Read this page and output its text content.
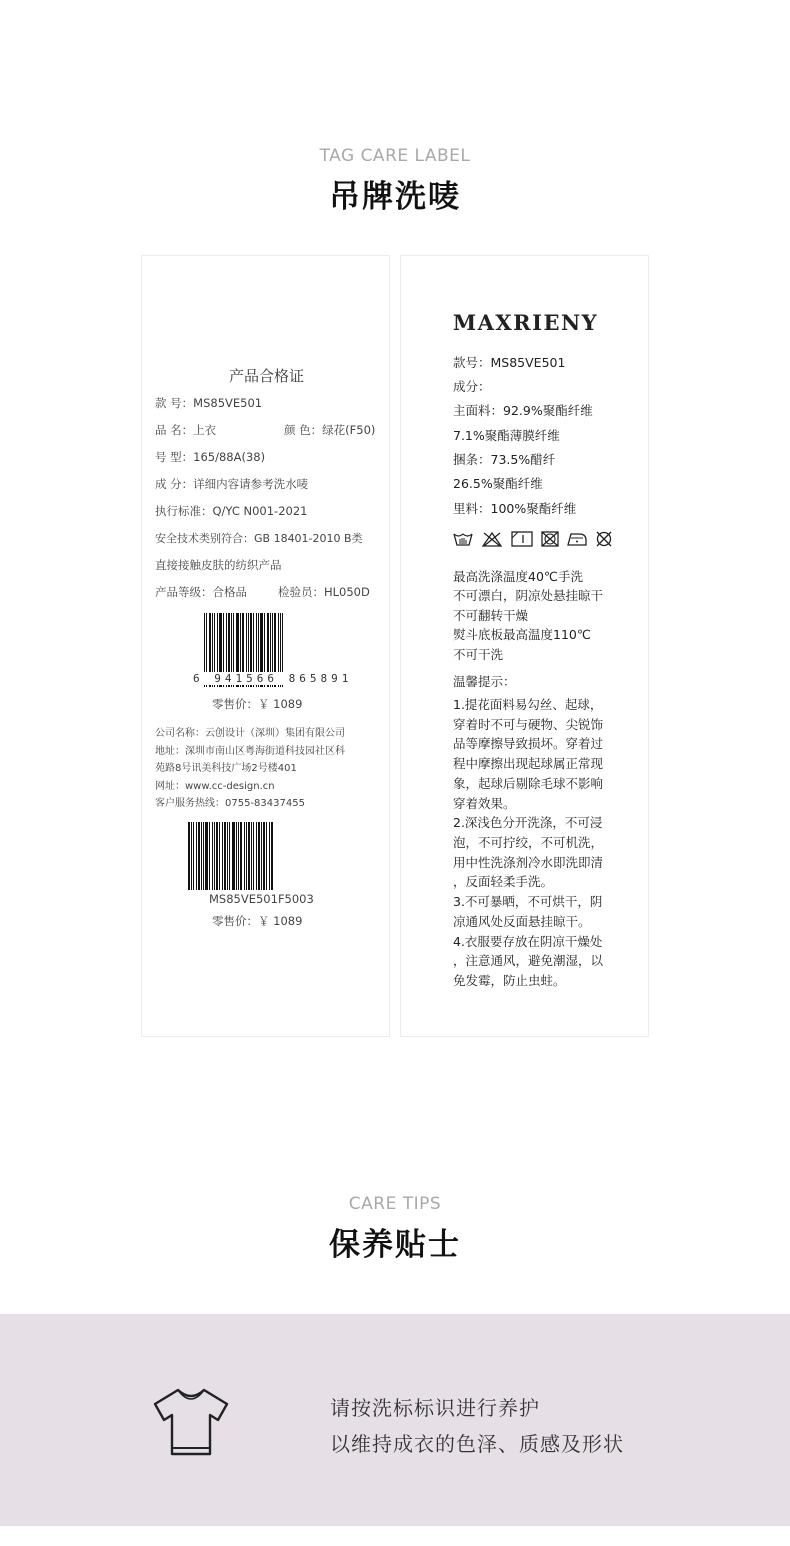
TAG CARE LABEL
吊牌洗唛
产品合格证
款 号：MS85VE501
品 名：上衣	颜 色：绿花(F50)
号 型：165/88A(38)
成 分：详细内容请参考洗水唛
执行标准：Q/YC N001-2021
安全技术类别符合：GB 18401-2010 B类
直接接触皮肤的纺织产品
产品等级：合格品	检验员：HL050D
6 941566 865891
零售价：￥ 1089
公司名称：云创设计（深圳）集团有限公司
地址：深圳市南山区粤海街道科技园社区科
苑路8号讯美科技广场2号楼401
网址：www.cc-design.cn
客户服务热线：0755-83437455
MS85VE501F5003
零售价：￥ 1089
MAXRIENY
款号：MS85VE501
成分：
主面料：92.9%聚酯纤维
7.1%聚酯薄膜纤维
捆条：73.5%醋纤
26.5%聚酯纤维
里料：100%聚酯纤维
最高洗涤温度40℃手洗
不可漂白，阴凉处悬挂晾干
不可翻转干燥
熨斗底板最高温度110℃
不可干洗
温馨提示：
1.提花面料易勾丝、起球，
穿着时不可与硬物、尖锐饰
品等摩擦导致损坏。穿着过
程中摩擦出现起球属正常现
象，起球后剔除毛球不影响
穿着效果。
2.深浅色分开洗涤，不可浸
泡，不可拧绞，不可机洗，
用中性洗涤剂冷水即洗即清
，反面轻柔手洗。
3.不可暴晒，不可烘干，阴
凉通风处反面悬挂晾干。
4.衣服要存放在阴凉干燥处
，注意通风，避免潮湿，以
免发霉，防止虫蛀。
CARE TIPS
保养贴士
请按洗标标识进行养护
以维持成衣的色泽、质感及形状
